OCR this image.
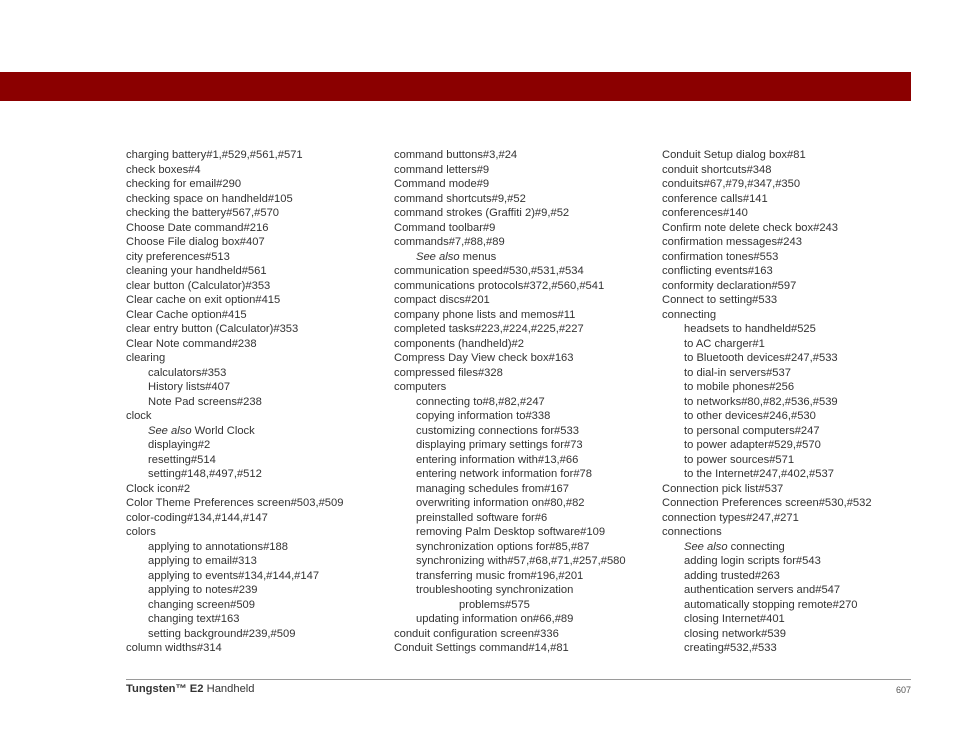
charging battery#1,#529,#561,#571
check boxes#4
checking for email#290
checking space on handheld#105
checking the battery#567,#570
Choose Date command#216
Choose File dialog box#407
city preferences#513
cleaning your handheld#561
clear button (Calculator)#353
Clear cache on exit option#415
Clear Cache option#415
clear entry button (Calculator)#353
Clear Note command#238
clearing
calculators#353
History lists#407
Note Pad screens#238
clock
See also World Clock
displaying#2
resetting#514
setting#148,#497,#512
Clock icon#2
Color Theme Preferences screen#503,#509
color-coding#134,#144,#147
colors
applying to annotations#188
applying to email#313
applying to events#134,#144,#147
applying to notes#239
changing screen#509
changing text#163
setting background#239,#509
column widths#314
command buttons#3,#24
command letters#9
Command mode#9
command shortcuts#9,#52
command strokes (Graffiti 2)#9,#52
Command toolbar#9
commands#7,#88,#89
See also menus
communication speed#530,#531,#534
communications protocols#372,#560,#541
compact discs#201
company phone lists and memos#11
completed tasks#223,#224,#225,#227
components (handheld)#2
Compress Day View check box#163
compressed files#328
computers
connecting to#8,#82,#247
copying information to#338
customizing connections for#533
displaying primary settings for#73
entering information with#13,#66
entering network information for#78
managing schedules from#167
overwriting information on#80,#82
preinstalled software for#6
removing Palm Desktop software#109
synchronization options for#85,#87
synchronizing with#57,#68,#71,#257,#580
transferring music from#196,#201
troubleshooting synchronization
problems#575
updating information on#66,#89
conduit configuration screen#336
Conduit Settings command#14,#81
Conduit Setup dialog box#81
conduit shortcuts#348
conduits#67,#79,#347,#350
conference calls#141
conferences#140
Confirm note delete check box#243
confirmation messages#243
confirmation tones#553
conflicting events#163
conformity declaration#597
Connect to setting#533
connecting
headsets to handheld#525
to AC charger#1
to Bluetooth devices#247,#533
to dial-in servers#537
to mobile phones#256
to networks#80,#82,#536,#539
to other devices#246,#530
to personal computers#247
to power adapter#529,#570
to power sources#571
to the Internet#247,#402,#537
Connection pick list#537
Connection Preferences screen#530,#532
connection types#247,#271
connections
See also connecting
adding login scripts for#543
adding trusted#263
authentication servers and#547
automatically stopping remote#270
closing Internet#401
closing network#539
creating#532,#533
Tungsten™ E2 Handheld	607
